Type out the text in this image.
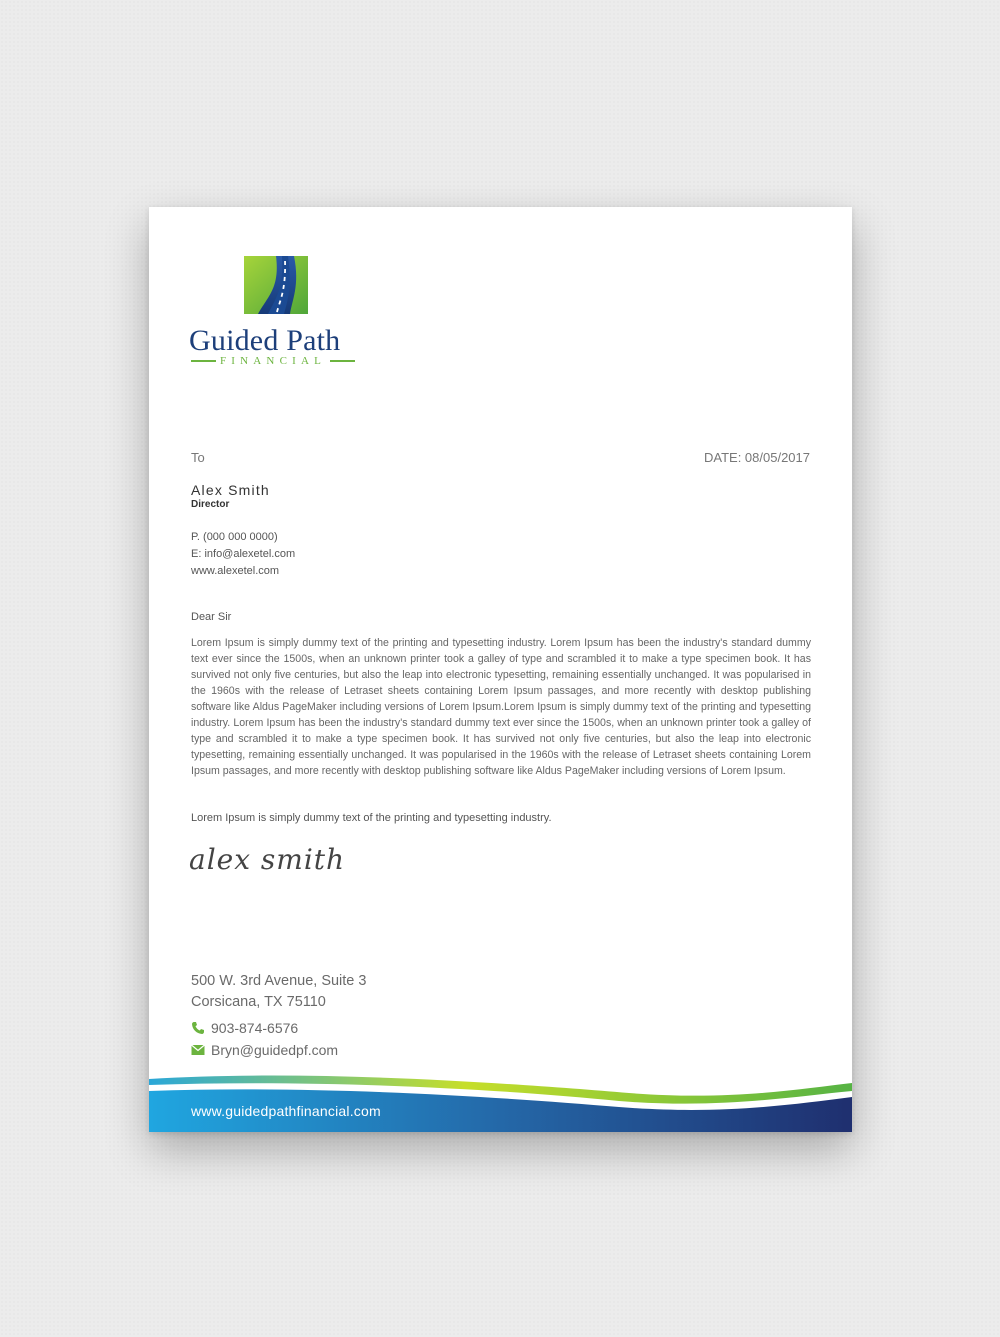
Guided Path
FINANCIAL
To	DATE: 08/05/2017
Alex Smith
Director
P. (000 000 0000)
E: info@alexetel.com
www.alexetel.com
Dear Sir
Lorem Ipsum is simply dummy text of the printing and typesetting industry. Lorem Ipsum has been the industry's standard dummy text ever since the 1500s, when an unknown printer took a galley of type and scrambled it to make a type specimen book. It has survived not only five centuries, but also the leap into electronic typesetting, remaining essentially unchanged. It was popularised in the 1960s with the release of Letraset sheets containing Lorem Ipsum passages, and more recently with desktop publishing software like Aldus PageMaker including versions of Lorem Ipsum.Lorem Ipsum is simply dummy text of the printing and typesetting industry. Lorem Ipsum has been the industry's standard dummy text ever since the 1500s, when an unknown printer took a galley of type and scrambled it to make a type specimen book. It has survived not only five centuries, but also the leap into electronic typesetting, remaining essentially unchanged. It was popularised in the 1960s with the release of Letraset sheets containing Lorem Ipsum passages, and more recently with desktop publishing software like Aldus PageMaker including versions of Lorem Ipsum.
Lorem Ipsum is simply dummy text of the printing and typesetting industry.
alex smith
500 W. 3rd Avenue, Suite 3
Corsicana, TX 75110
903-874-6576
Bryn@guidedpf.com
www.guidedpathfinancial.com
